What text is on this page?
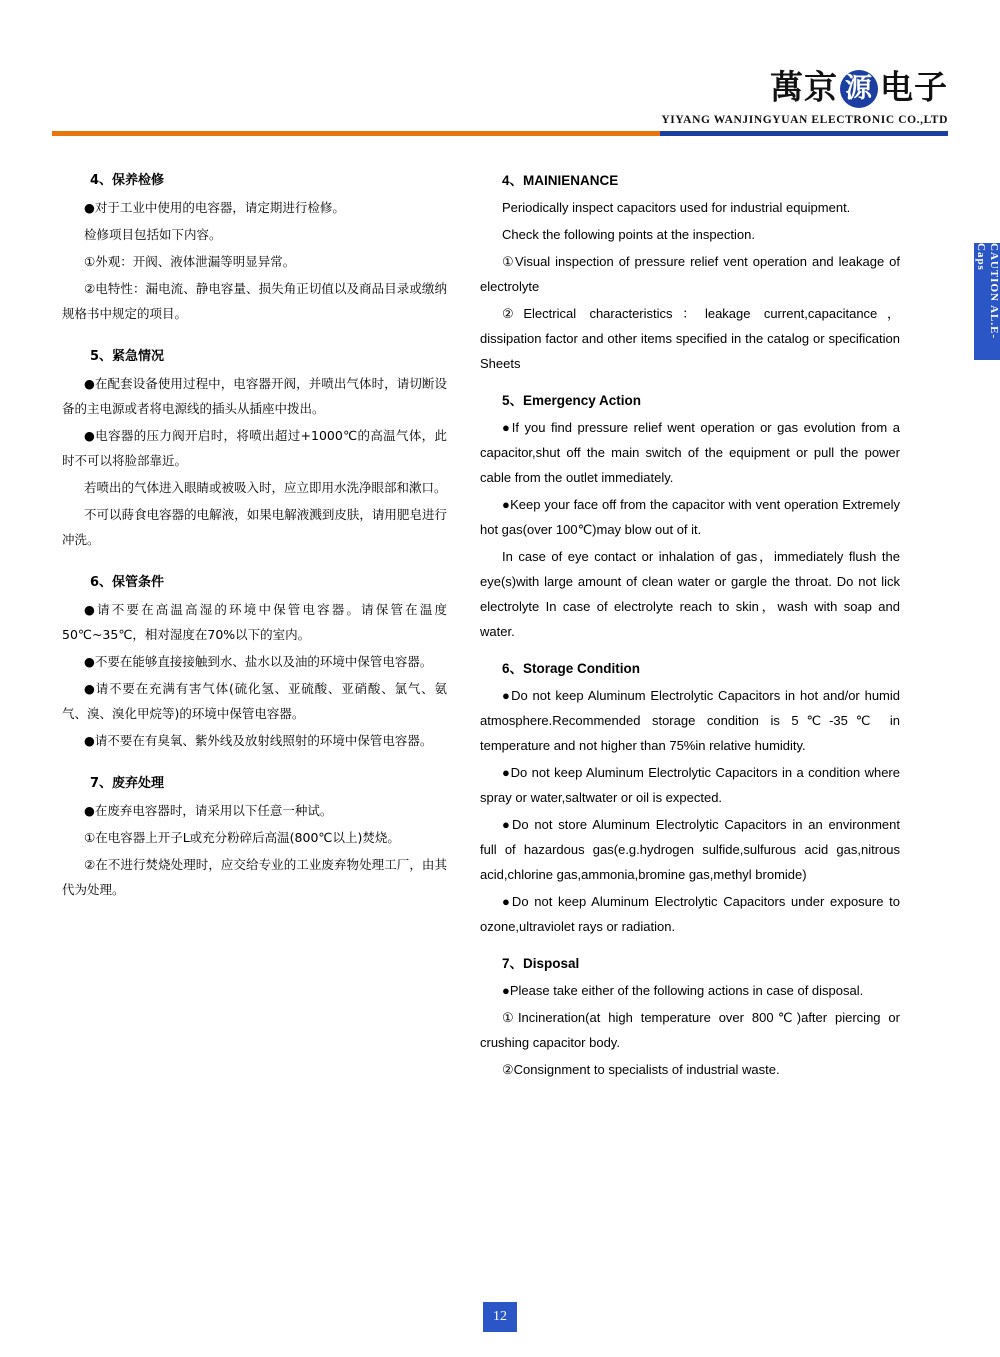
萬京 源 电子
YIYANG WANJINGYUAN ELECTRONIC CO.,LTD
CAUTION AL.E-Caps

4、保养检修

●对于工业中使用的电容器，请定期进行检修。

检修项目包括如下内容。

①外观：开阀、液体泄漏等明显异常。

②电特性：漏电流、静电容量、损失角正切值以及商品目录或缴纳规格书中规定的项目。

5、紧急情况

●在配套设备使用过程中，电容器开阀，并喷出气体时，请切断设备的主电源或者将电源线的插头从插座中拨出。

●电容器的压力阀开启时，将喷出超过+1000℃的高温气体，此时不可以将脸部靠近。

若喷出的气体进入眼睛或被吸入时，应立即用水洗净眼部和漱口。

不可以蒔食电容器的电解液，如果电解液溅到皮肤，请用肥皂进行冲洗。

6、保管条件

●请不要在高温高湿的环境中保管电容器。请保管在温度50℃~35℃，相对湿度在70%以下的室内。

●不要在能够直接接触到水、盐水以及油的环境中保管电容器。

●请不要在充满有害气体(硫化氢、亚硫酸、亚硝酸、氯气、氨气、溴、溴化甲烷等)的环境中保管电容器。

●请不要在有臭氧、紫外线及放射线照射的环境中保管电容器。

7、废弃处理

●在废弃电容器时，请采用以下任意一种试。

①在电容器上开子L或充分粉碎后高温(800℃以上)焚烧。

②在不进行焚烧处理时，应交给专业的工业废弃物处理工厂，由其代为处理。

4、MAINIENANCE

Periodically inspect capacitors used for industrial equipment.

Check the following points at the inspection.

①Visual inspection of pressure relief vent operation and leakage of electrolyte

②Electrical characteristics：leakage current,capacitance，dissipation factor and other items specified in the catalog or specification Sheets

5、Emergency Action

●If you find pressure relief went operation or gas evolution from a capacitor,shut off the main switch of the equipment or pull the power cable from the outlet immediately.

●Keep your face off from the capacitor with vent operation Extremely hot gas(over 100℃)may blow out of it.

In case of eye contact or inhalation of gas，immediately flush the eye(s)with large amount of clean water or gargle the throat. Do not lick electrolyte In case of electrolyte reach to skin，wash with soap and water.

6、Storage Condition

●Do not keep Aluminum Electrolytic Capacitors in hot and/or humid atmosphere.Recommended storage condition is 5℃-35℃ in temperature and not higher than 75%in relative humidity.

●Do not keep Aluminum Electrolytic Capacitors in a condition where spray or water,saltwater or oil is expected.

●Do not store Aluminum Electrolytic Capacitors in an environment full of hazardous gas(e.g.hydrogen sulfide,sulfurous acid gas,nitrous acid,chlorine gas,ammonia,bromine gas,methyl bromide)

●Do not keep Aluminum Electrolytic Capacitors under exposure to ozone,ultraviolet rays or radiation.

7、Disposal

●Please take either of the following actions in case of disposal.

①Incineration(at high temperature over 800℃)after piercing or crushing capacitor body.

②Consignment to specialists of industrial waste.

12
